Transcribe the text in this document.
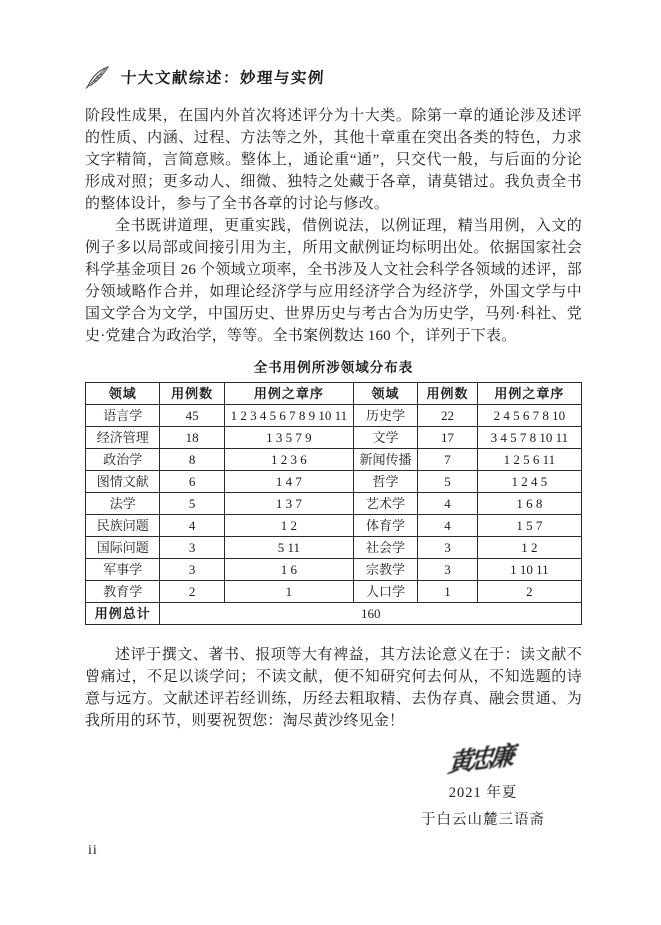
十大文献综述：妙理与实例

阶段性成果，在国内外首次将述评分为十大类。除第一章的通论涉及述评的性质、内涵、过程、方法等之外，其他十章重在突出各类的特色，力求文字精简，言简意赅。整体上，通论重“通”，只交代一般，与后面的分论形成对照；更多动人、细微、独特之处藏于各章，请莫错过。我负责全书的整体设计，参与了全书各章的讨论与修改。

全书既讲道理，更重实践，借例说法，以例证理，精当用例，入文的例子多以局部或间接引用为主，所用文献例证均标明出处。依据国家社会科学基金项目 26 个领域立项率，全书涉及人文社会科学各领域的述评，部分领域略作合并，如理论经济学与应用经济学合为经济学，外国文学与中国文学合为文学，中国历史、世界历史与考古合为历史学，马列·科社、党史·党建合为政治学，等等。全书案例数达 160 个，详列于下表。

全书用例所涉领域分布表
领域	用例数	用例之章序	领域	用例数	用例之章序
语言学	45	1 2 3 4 5 6 7 8 9 10 11	历史学	22	2 4 5 6 7 8 10
经济管理	18	1 3 5 7 9	文学	17	3 4 5 7 8 10 11
政治学	8	1 2 3 6	新闻传播	7	1 2 5 6 11
图情文献	6	1 4 7	哲学	5	1 2 4 5
法学	5	1 3 7	艺术学	4	1 6 8
民族问题	4	1 2	体育学	4	1 5 7
国际问题	3	5 11	社会学	3	1 2
军事学	3	1 6	宗教学	3	1 10 11
教育学	2	1	人口学	1	2
用例总计	160				

述评于撰文、著书、报项等大有裨益，其方法论意义在于：读文献不曾痛过，不足以谈学问；不读文献，便不知研究何去何从，不知选题的诗意与远方。文献述评若经训练，历经去粗取精、去伪存真、融会贯通、为我所用的环节，则要祝贺您：淘尽黄沙终见金！

黄忠廉
2021 年夏
于白云山麓三语斋
ii
